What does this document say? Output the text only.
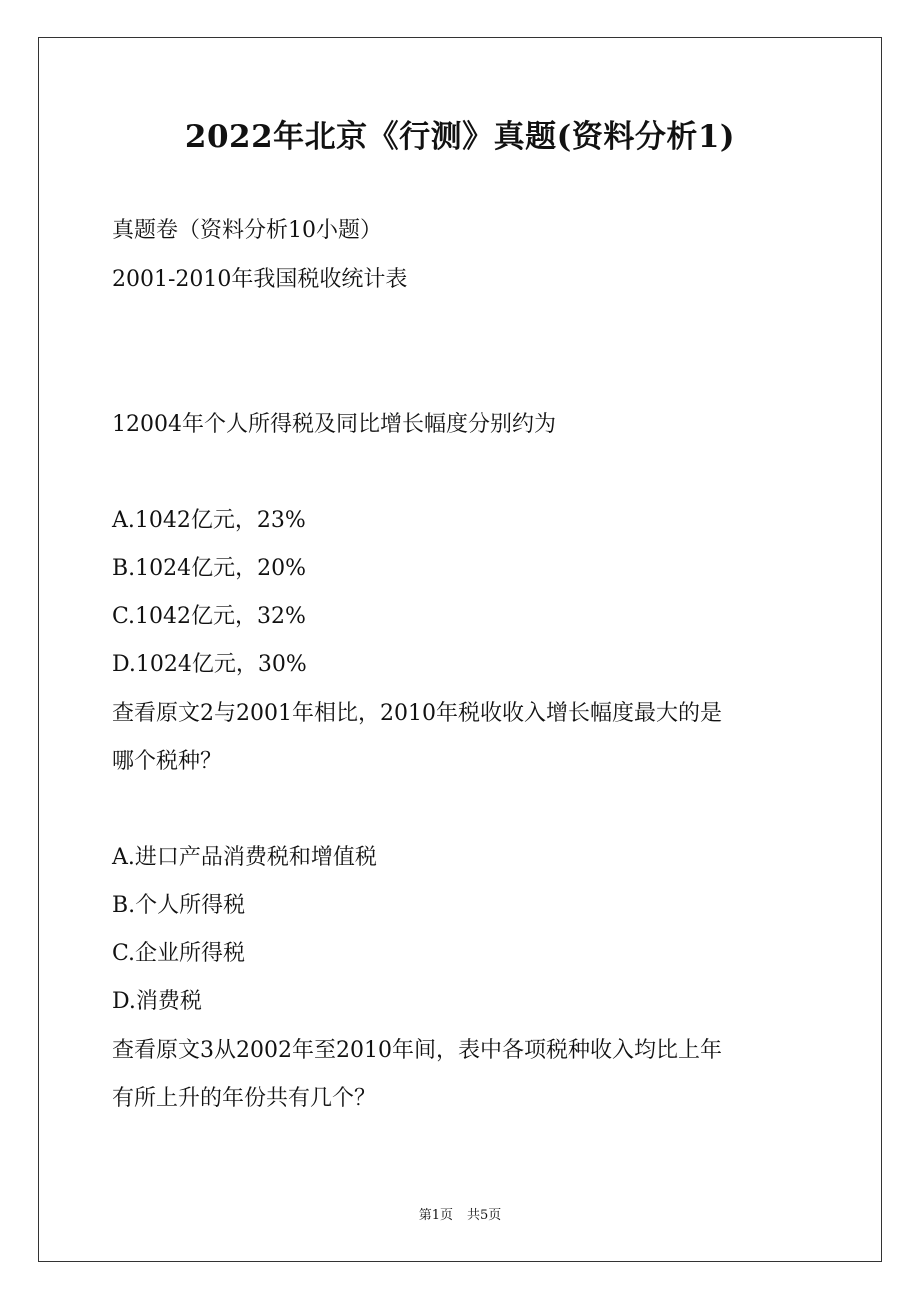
2022年北京《行测》真题(资料分析1)
真题卷（资料分析10小题）
2001-2010年我国税收统计表
12004年个人所得税及同比增长幅度分别约为
A.1042亿元，23%
B.1024亿元，20%
C.1042亿元，32%
D.1024亿元，30%
查看原文2与2001年相比，2010年税收收入增长幅度最大的是
哪个税种？
A.进口产品消费税和增值税
B.个人所得税
C.企业所得税
D.消费税
查看原文3从2002年至2010年间，表中各项税种收入均比上年
有所上升的年份共有几个？
第1页 共5页
